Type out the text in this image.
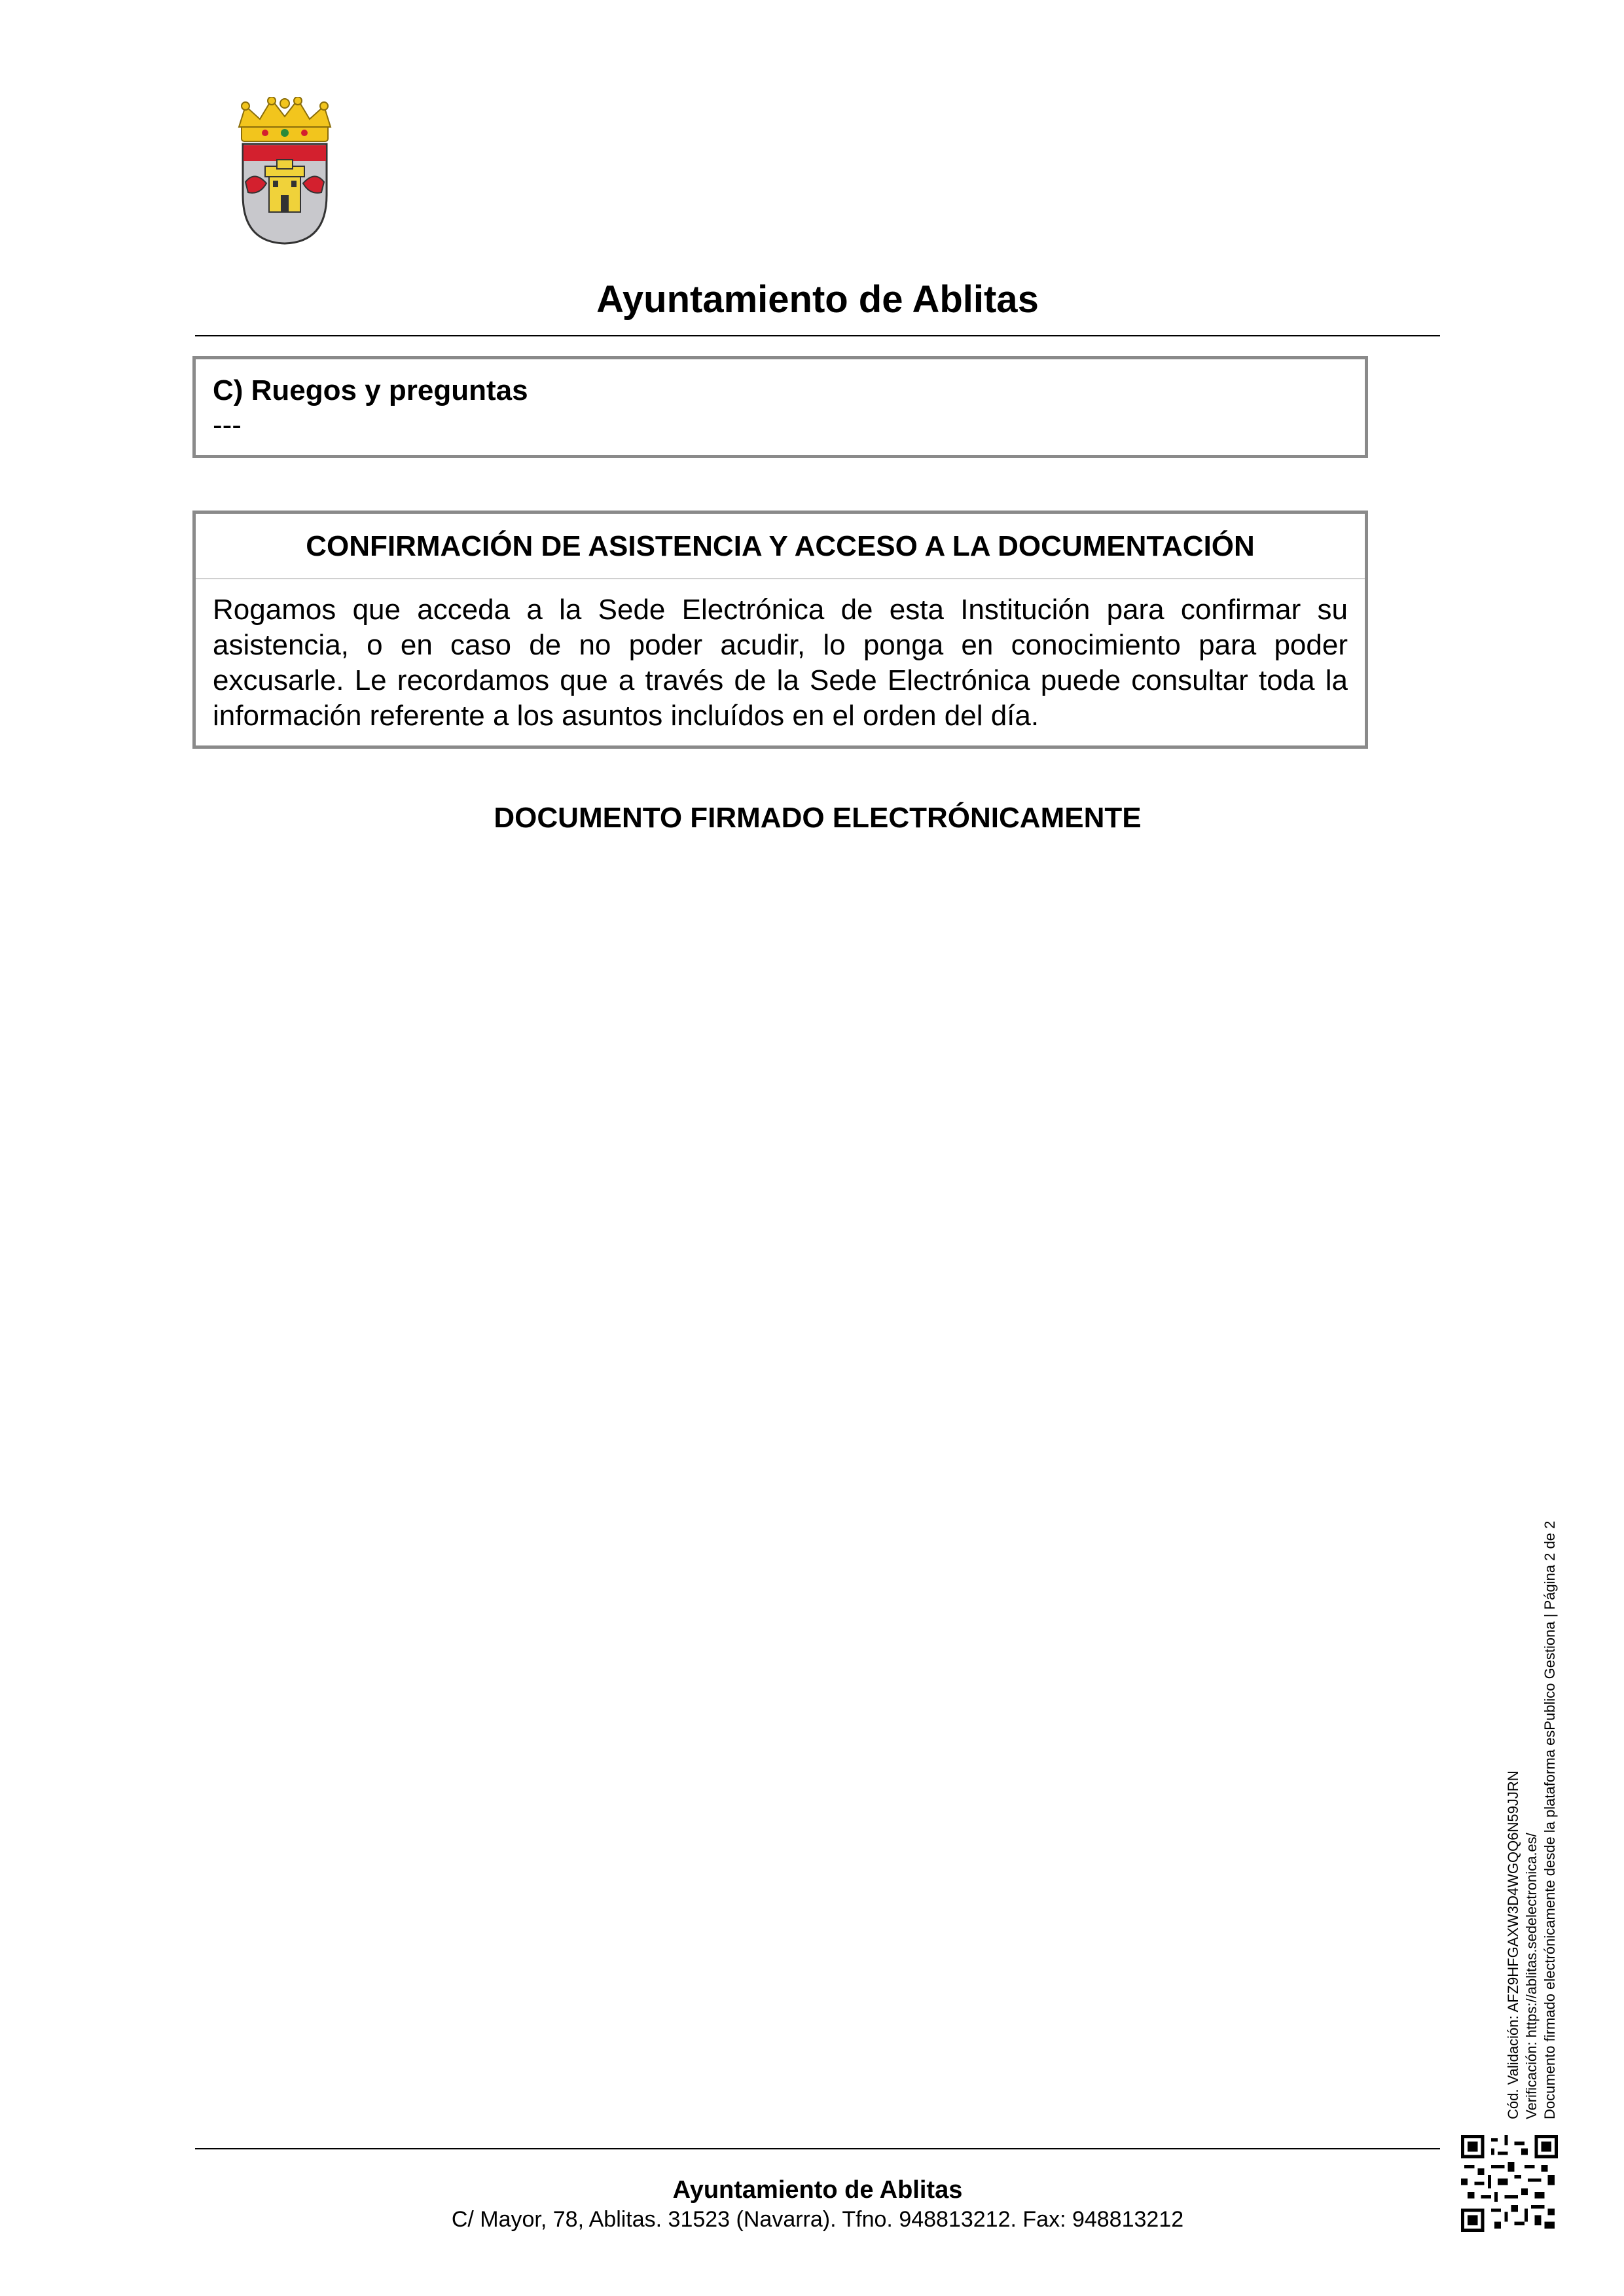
Ayuntamiento de Ablitas
C) Ruegos y preguntas
---
CONFIRMACIÓN DE ASISTENCIA Y ACCESO A LA DOCUMENTACIÓN
Rogamos que acceda a la Sede Electrónica de esta Institución para confirmar su asistencia, o en caso de no poder acudir, lo ponga en conocimiento para poder excusarle. Le recordamos que a través de la Sede Electrónica puede consultar toda la información referente a los asuntos incluídos en el orden del día.
DOCUMENTO FIRMADO ELECTRÓNICAMENTE
Cód. Validación: AFZ9HFGAXW3D4WGQQ6N59JJRN Verificación: https://ablitas.sedelectronica.es/ Documento firmado electrónicamente desde la plataforma esPublico Gestiona | Página 2 de 2
Ayuntamiento de Ablitas
C/ Mayor, 78, Ablitas. 31523 (Navarra). Tfno. 948813212. Fax: 948813212
